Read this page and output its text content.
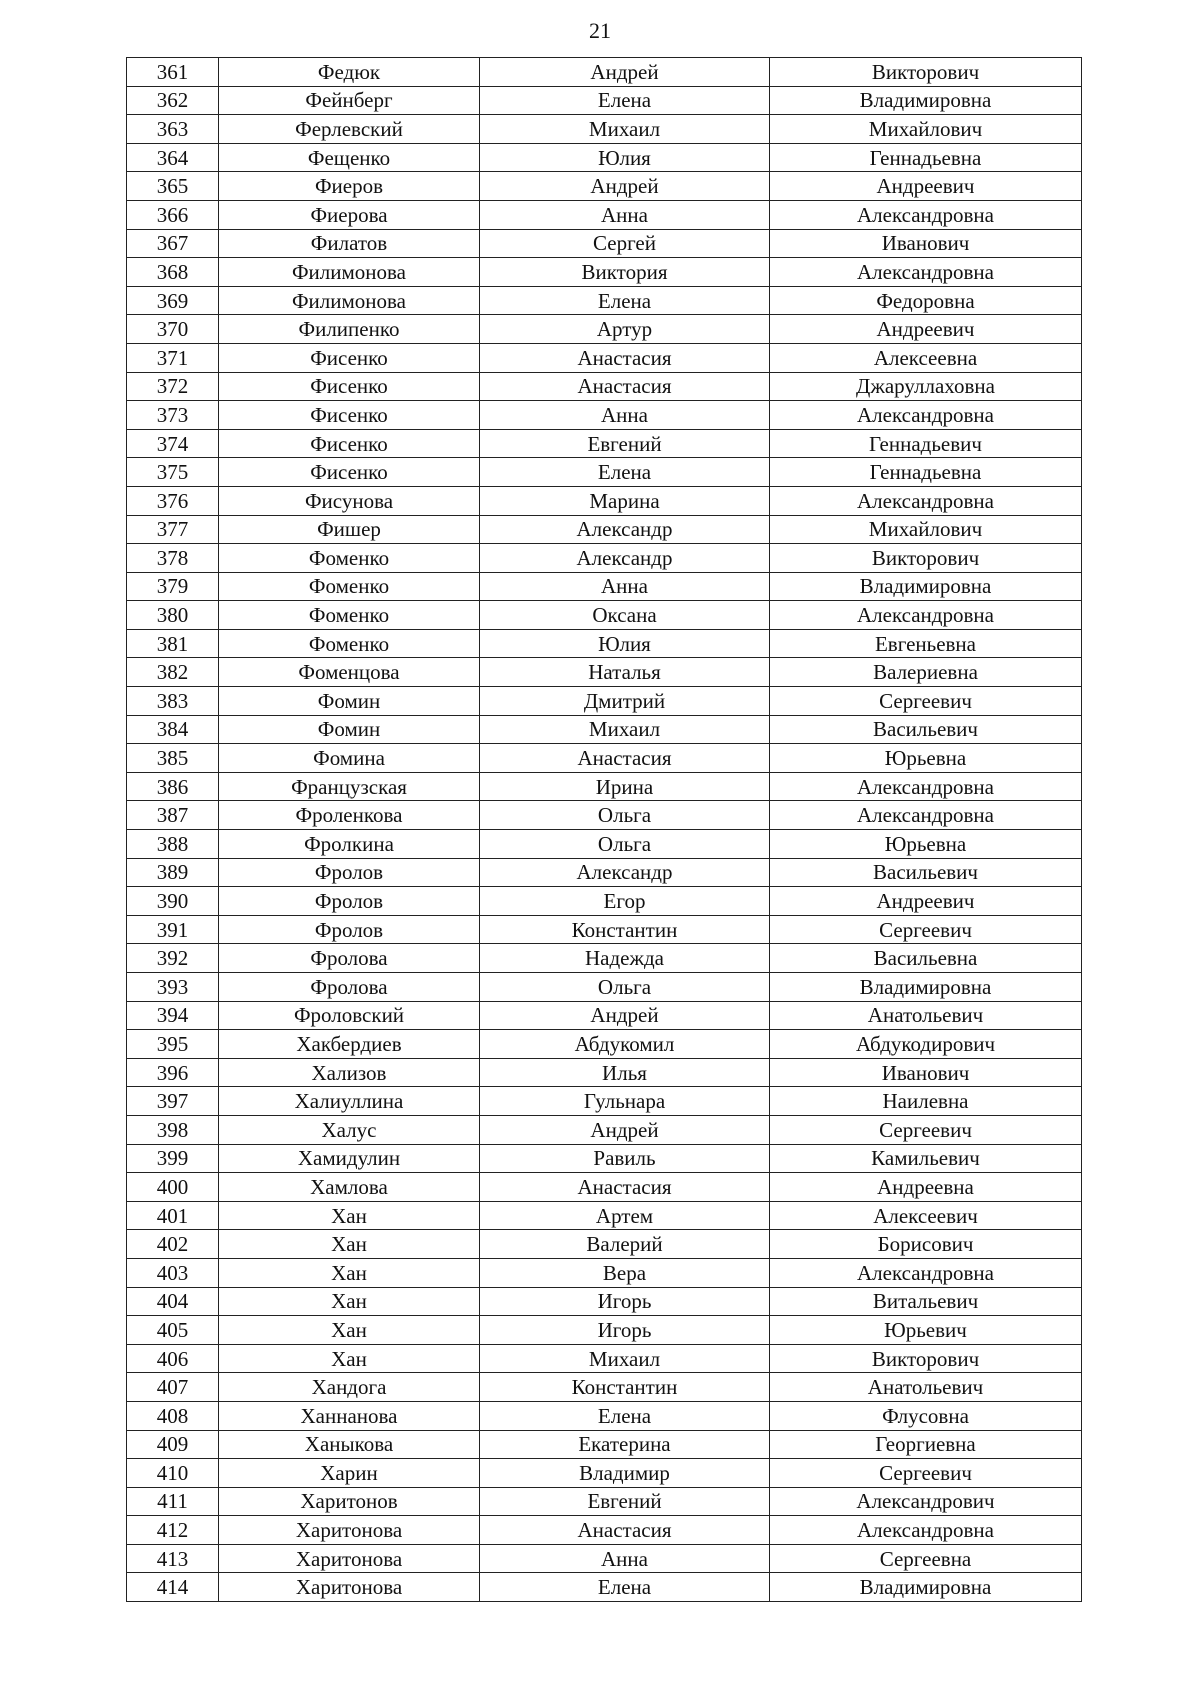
21
361	Федюк	Андрей	Викторович
362	Фейнберг	Елена	Владимировна
363	Ферлевский	Михаил	Михайлович
364	Фещенко	Юлия	Геннадьевна
365	Фиеров	Андрей	Андреевич
366	Фиерова	Анна	Александровна
367	Филатов	Сергей	Иванович
368	Филимонова	Виктория	Александровна
369	Филимонова	Елена	Федоровна
370	Филипенко	Артур	Андреевич
371	Фисенко	Анастасия	Алексеевна
372	Фисенко	Анастасия	Джаруллаховна
373	Фисенко	Анна	Александровна
374	Фисенко	Евгений	Геннадьевич
375	Фисенко	Елена	Геннадьевна
376	Фисунова	Марина	Александровна
377	Фишер	Александр	Михайлович
378	Фоменко	Александр	Викторович
379	Фоменко	Анна	Владимировна
380	Фоменко	Оксана	Александровна
381	Фоменко	Юлия	Евгеньевна
382	Фоменцова	Наталья	Валериевна
383	Фомин	Дмитрий	Сергеевич
384	Фомин	Михаил	Васильевич
385	Фомина	Анастасия	Юрьевна
386	Французская	Ирина	Александровна
387	Фроленкова	Ольга	Александровна
388	Фролкина	Ольга	Юрьевна
389	Фролов	Александр	Васильевич
390	Фролов	Егор	Андреевич
391	Фролов	Константин	Сергеевич
392	Фролова	Надежда	Васильевна
393	Фролова	Ольга	Владимировна
394	Фроловский	Андрей	Анатольевич
395	Хакбердиев	Абдукомил	Абдукодирович
396	Хализов	Илья	Иванович
397	Халиуллина	Гульнара	Наилевна
398	Халус	Андрей	Сергеевич
399	Хамидулин	Равиль	Камильевич
400	Хамлова	Анастасия	Андреевна
401	Хан	Артем	Алексеевич
402	Хан	Валерий	Борисович
403	Хан	Вера	Александровна
404	Хан	Игорь	Витальевич
405	Хан	Игорь	Юрьевич
406	Хан	Михаил	Викторович
407	Хандога	Константин	Анатольевич
408	Ханнанова	Елена	Флусовна
409	Ханыкова	Екатерина	Георгиевна
410	Харин	Владимир	Сергеевич
411	Харитонов	Евгений	Александрович
412	Харитонова	Анастасия	Александровна
413	Харитонова	Анна	Сергеевна
414	Харитонова	Елена	Владимировна
